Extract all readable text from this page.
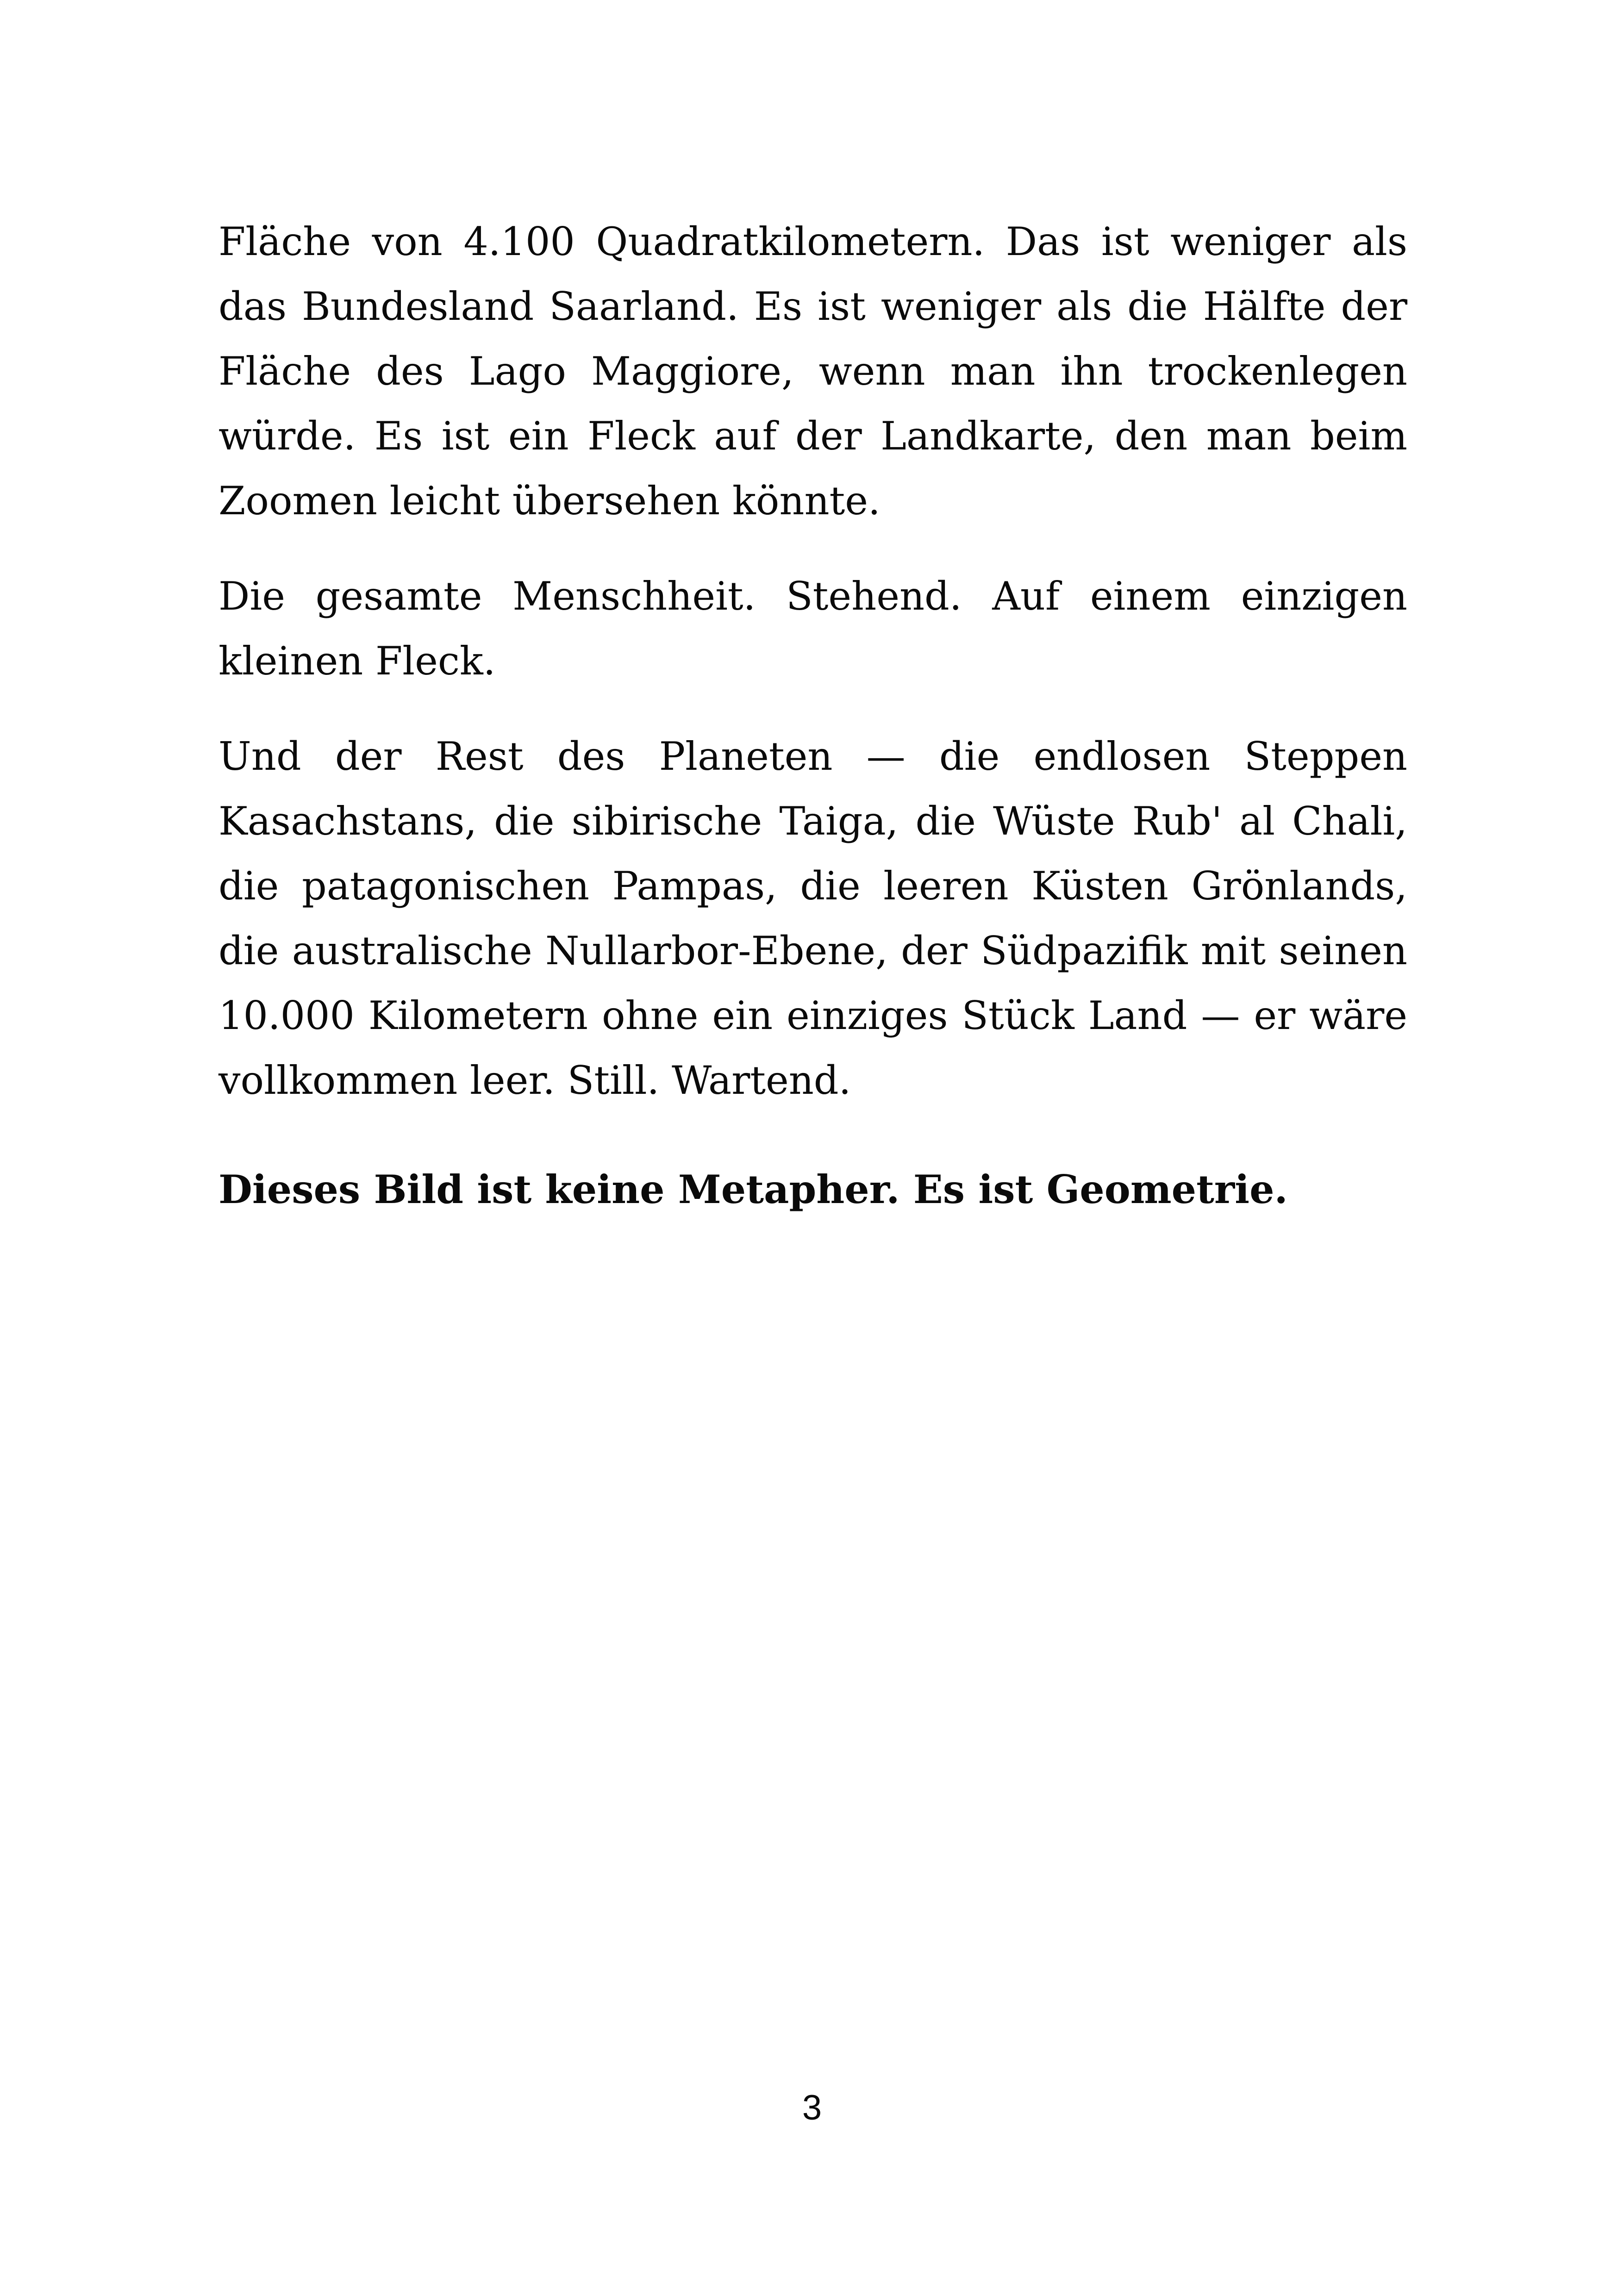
Fläche von 4.100 Quadratkilometern. Das ist weniger als das Bundesland Saarland. Es ist weniger als die Hälfte der Fläche des Lago Maggiore, wenn man ihn trockenlegen würde. Es ist ein Fleck auf der Landkarte, den man beim Zoomen leicht übersehen könnte.

Die gesamte Menschheit. Stehend. Auf einem einzigen kleinen Fleck.

Und der Rest des Planeten — die endlosen Steppen Kasachstans, die sibirische Taiga, die Wüste Rub' al Chali, die patagonischen Pampas, die leeren Küsten Grönlands, die australische Nullarbor-Ebene, der Südpazifik mit seinen 10.000 Kilometern ohne ein einziges Stück Land — er wäre vollkommen leer. Still. Wartend.

Dieses Bild ist keine Metapher. Es ist Geometrie.

3
